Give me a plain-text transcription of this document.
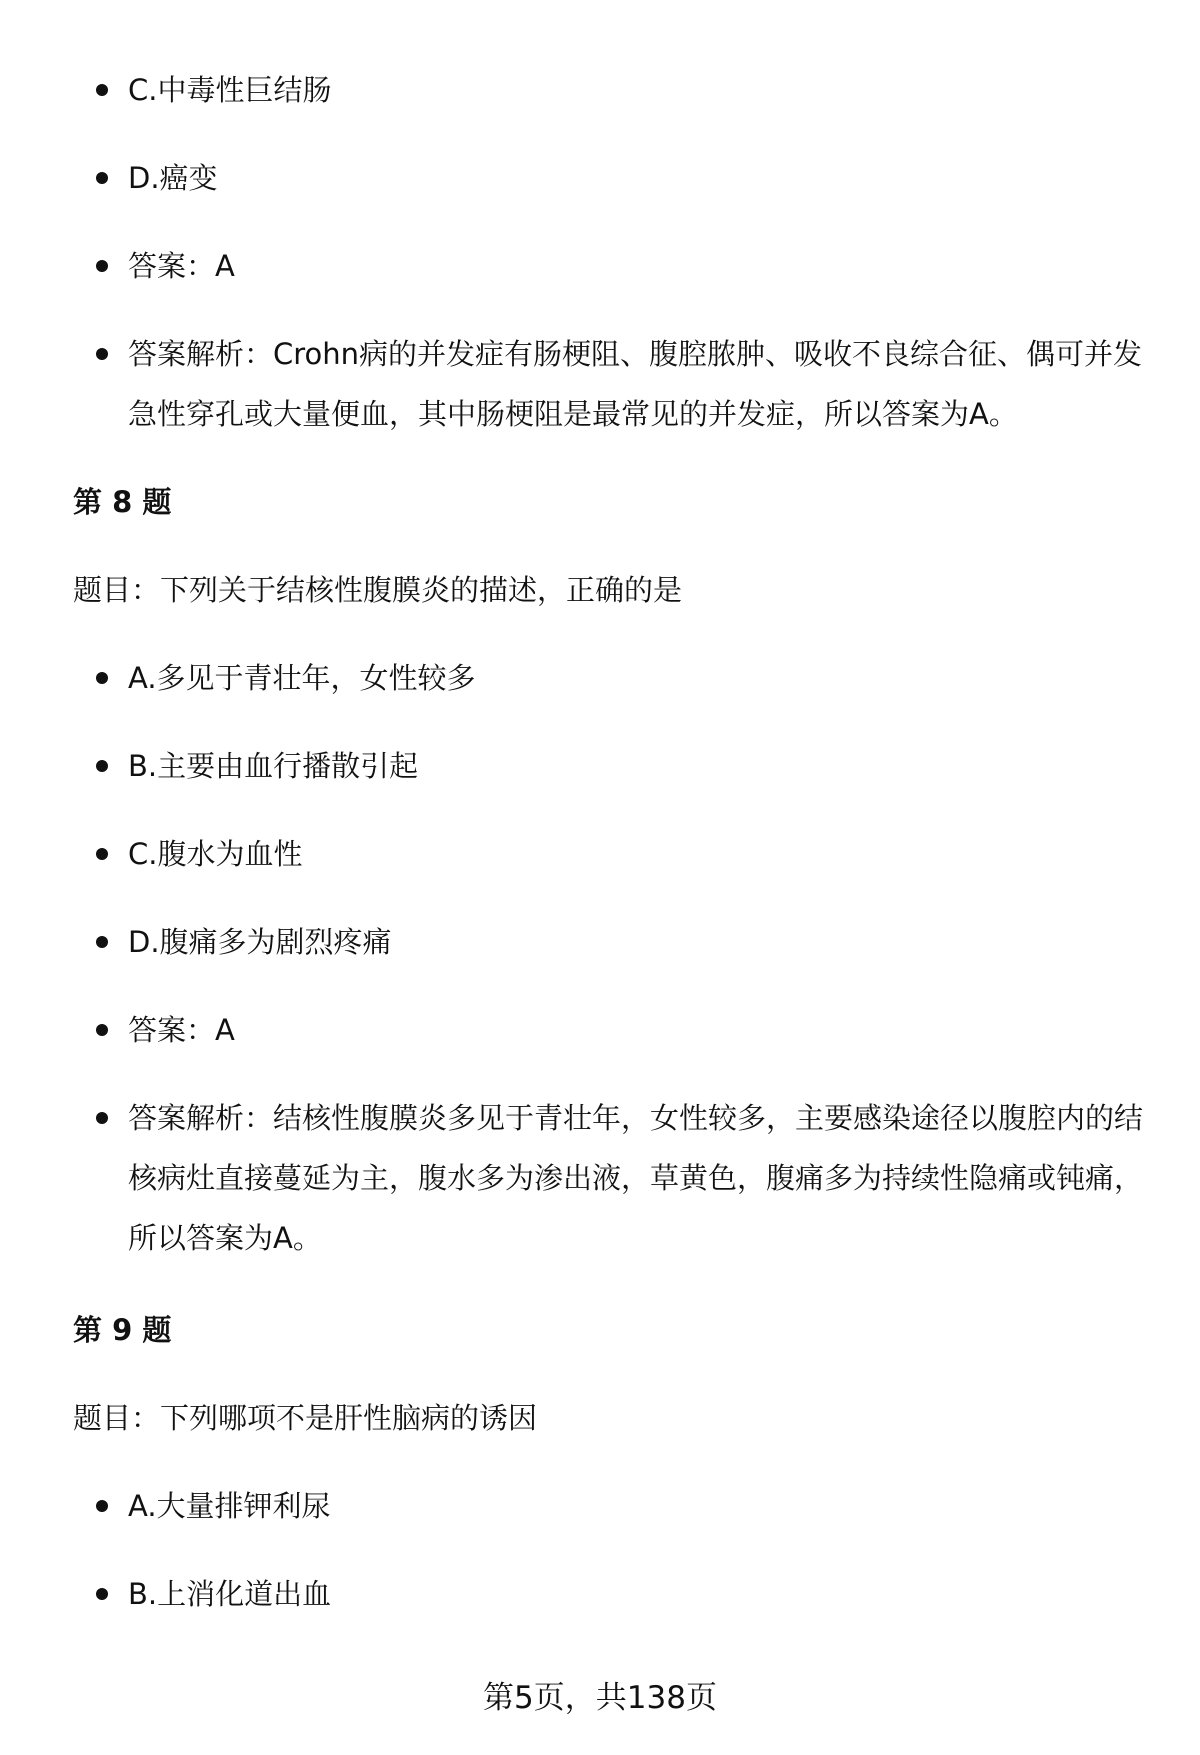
C.中毒性巨结肠
D.癌变
答案：A
答案解析：Crohn病的并发症有肠梗阻、腹腔脓肿、吸收不良综合征、偶可并发急性穿孔或大量便血，其中肠梗阻是最常见的并发症，所以答案为A。
第 8 题
题目：下列关于结核性腹膜炎的描述，正确的是
A.多见于青壮年，女性较多
B.主要由血行播散引起
C.腹水为血性
D.腹痛多为剧烈疼痛
答案：A
答案解析：结核性腹膜炎多见于青壮年，女性较多，主要感染途径以腹腔内的结核病灶直接蔓延为主，腹水多为渗出液，草黄色，腹痛多为持续性隐痛或钝痛，所以答案为A。
第 9 题
题目：下列哪项不是肝性脑病的诱因
A.大量排钾利尿
B.上消化道出血
第5页，共138页
